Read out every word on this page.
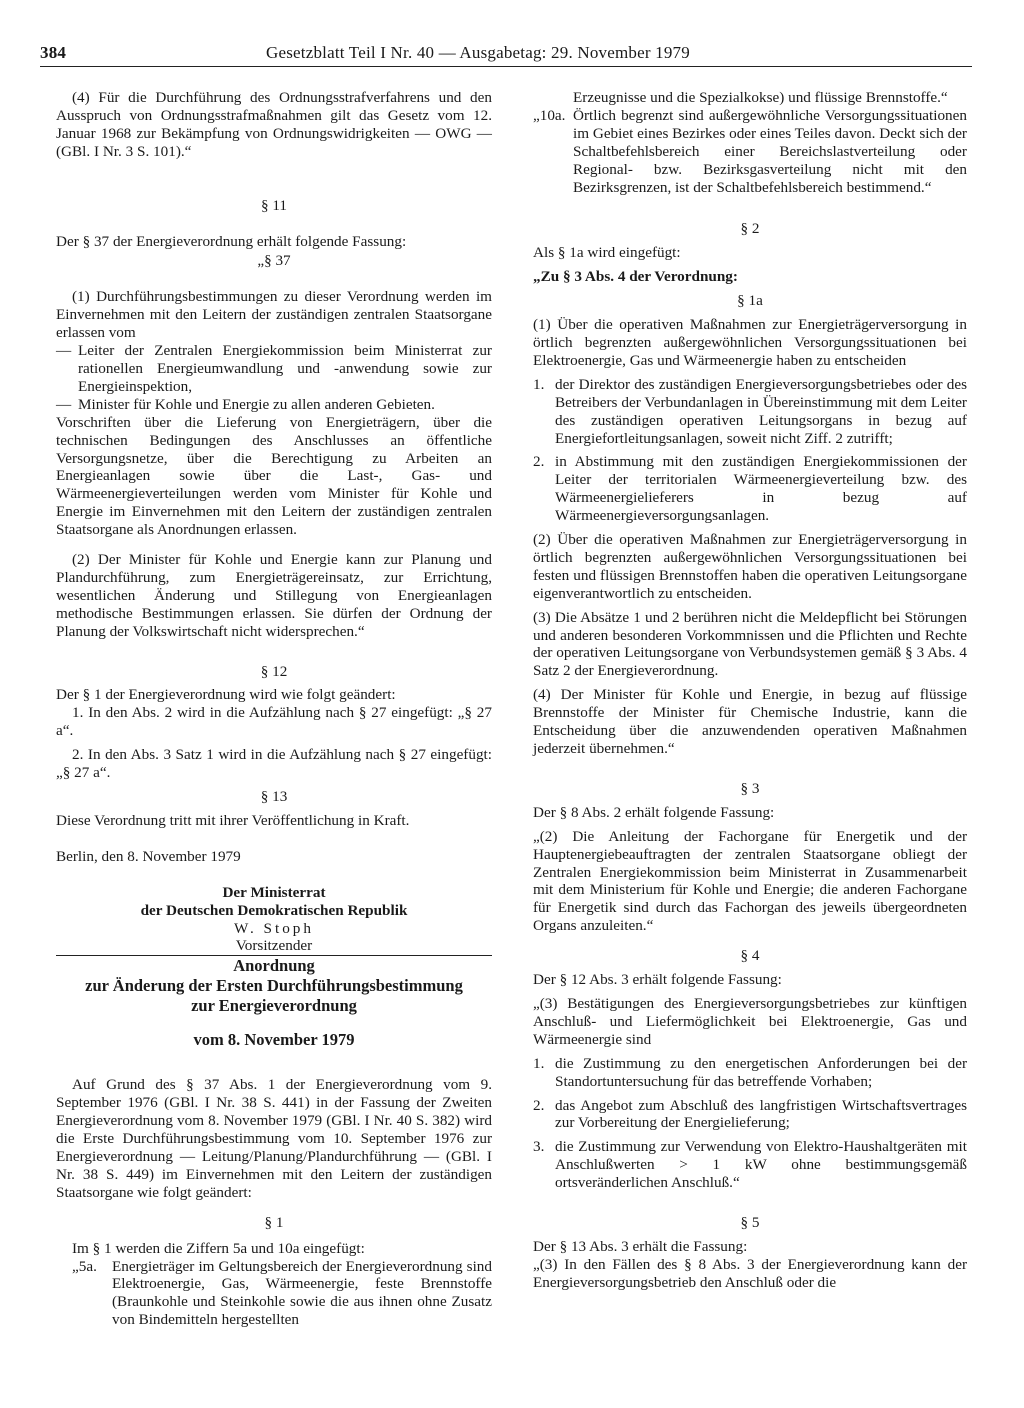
384	Gesetzblatt Teil I Nr. 40 — Ausgabetag: 29. November 1979

(4) Für die Durchführung des Ordnungsstrafverfahrens und den Ausspruch von Ordnungsstrafmaßnahmen gilt das Gesetz vom 12. Januar 1968 zur Bekämpfung von Ordnungswidrigkeiten — OWG — (GBl. I Nr. 3 S. 101).“

§ 11

Der § 37 der Energieverordnung erhält folgende Fassung:

„§ 37

(1) Durchführungsbestimmungen zu dieser Verordnung werden im Einvernehmen mit den Leitern der zuständigen zentralen Staatsorgane erlassen vom

— Leiter der Zentralen Energiekommission beim Ministerrat zur rationellen Energieumwandlung und -anwendung sowie zur Energieinspektion,
— Minister für Kohle und Energie zu allen anderen Gebieten.

Vorschriften über die Lieferung von Energieträgern, über die technischen Bedingungen des Anschlusses an öffentliche Versorgungsnetze, über die Berechtigung zu Arbeiten an Energieanlagen sowie über die Last-, Gas- und Wärmeenergieverteilungen werden vom Minister für Kohle und Energie im Einvernehmen mit den Leitern der zuständigen zentralen Staatsorgane als Anordnungen erlassen.

(2) Der Minister für Kohle und Energie kann zur Planung und Plandurchführung, zum Energieträgereinsatz, zur Errichtung, wesentlichen Änderung und Stillegung von Energieanlagen methodische Bestimmungen erlassen. Sie dürfen der Ordnung der Planung der Volkswirtschaft nicht widersprechen.“

§ 12

Der § 1 der Energieverordnung wird wie folgt geändert:

1. In den Abs. 2 wird in die Aufzählung nach § 27 eingefügt: „§ 27 a“.

2. In den Abs. 3 Satz 1 wird in die Aufzählung nach § 27 eingefügt: „§ 27 a“.

§ 13

Diese Verordnung tritt mit ihrer Veröffentlichung in Kraft.

Berlin, den 8. November 1979

Der Ministerrat

der Deutschen Demokratischen Republik

W. Stoph

Vorsitzender

Anordnung

zur Änderung der Ersten Durchführungsbestimmung

zur Energieverordnung

vom 8. November 1979

Auf Grund des § 37 Abs. 1 der Energieverordnung vom 9. September 1976 (GBl. I Nr. 38 S. 441) in der Fassung der Zweiten Energieverordnung vom 8. November 1979 (GBl. I Nr. 40 S. 382) wird die Erste Durchführungsbestimmung vom 10. September 1976 zur Energieverordnung — Leitung/Planung/Plandurchführung — (GBl. I Nr. 38 S. 449) im Einvernehmen mit den Leitern der zuständigen Staatsorgane wie folgt geändert:

§ 1

Im § 1 werden die Ziffern 5a und 10a eingefügt:

„5a. Energieträger im Geltungsbereich der Energieverordnung sind Elektroenergie, Gas, Wärmeenergie, feste Brennstoffe (Braunkohle und Steinkohle sowie die aus ihnen ohne Zusatz von Bindemitteln hergestellten

Erzeugnisse und die Spezialkokse) und flüssige Brennstoffe.“

„10a. Örtlich begrenzt sind außergewöhnliche Versorgungssituationen im Gebiet eines Bezirkes oder eines Teiles davon. Deckt sich der Schaltbefehlsbereich einer Bereichslastverteilung oder Regional- bzw. Bezirksgasverteilung nicht mit den Bezirksgrenzen, ist der Schaltbefehlsbereich bestimmend.“

§ 2

Als § 1a wird eingefügt:

„Zu § 3 Abs. 4 der Verordnung:

§ 1a

(1) Über die operativen Maßnahmen zur Energieträgerversorgung in örtlich begrenzten außergewöhnlichen Versorgungssituationen bei Elektroenergie, Gas und Wärmeenergie haben zu entscheiden

1. der Direktor des zuständigen Energieversorgungsbetriebes oder des Betreibers der Verbundanlagen in Übereinstimmung mit dem Leiter des zuständigen operativen Leitungsorgans in bezug auf Energiefortleitungsanlagen, soweit nicht Ziff. 2 zutrifft;
2. in Abstimmung mit den zuständigen Energiekommissionen der Leiter der territorialen Wärmeenergieverteilung bzw. des Wärmeenergielieferers in bezug auf Wärmeenergieversorgungsanlagen.

(2) Über die operativen Maßnahmen zur Energieträgerversorgung in örtlich begrenzten außergewöhnlichen Versorgungssituationen bei festen und flüssigen Brennstoffen haben die operativen Leitungsorgane eigenverantwortlich zu entscheiden.

(3) Die Absätze 1 und 2 berühren nicht die Meldepflicht bei Störungen und anderen besonderen Vorkommnissen und die Pflichten und Rechte der operativen Leitungsorgane von Verbundsystemen gemäß § 3 Abs. 4 Satz 2 der Energieverordnung.

(4) Der Minister für Kohle und Energie, in bezug auf flüssige Brennstoffe der Minister für Chemische Industrie, kann die Entscheidung über die anzuwendenden operativen Maßnahmen jederzeit übernehmen.“

§ 3

Der § 8 Abs. 2 erhält folgende Fassung:

„(2) Die Anleitung der Fachorgane für Energetik und der Hauptenergiebeauftragten der zentralen Staatsorgane obliegt der Zentralen Energiekommission beim Ministerrat in Zusammenarbeit mit dem Ministerium für Kohle und Energie; die anderen Fachorgane für Energetik sind durch das Fachorgan des jeweils übergeordneten Organs anzuleiten.“

§ 4

Der § 12 Abs. 3 erhält folgende Fassung:

„(3) Bestätigungen des Energieversorgungsbetriebes zur künftigen Anschluß- und Liefermöglichkeit bei Elektroenergie, Gas und Wärmeenergie sind

1. die Zustimmung zu den energetischen Anforderungen bei der Standortuntersuchung für das betreffende Vorhaben;
2. das Angebot zum Abschluß des langfristigen Wirtschaftsvertrages zur Vorbereitung der Energielieferung;
3. die Zustimmung zur Verwendung von Elektro-Haushaltgeräten mit Anschlußwerten > 1 kW ohne bestimmungsgemäß ortsveränderlichen Anschluß.“

§ 5

Der § 13 Abs. 3 erhält die Fassung:

„(3) In den Fällen des § 8 Abs. 3 der Energieverordnung kann der Energieversorgungsbetrieb den Anschluß oder die
